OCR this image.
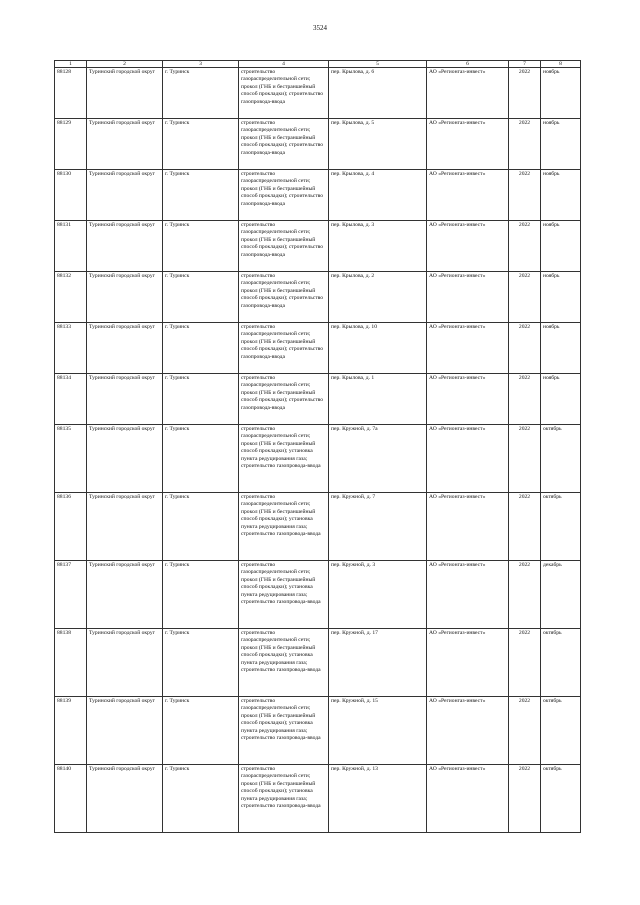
3524
1	2	3	4	5	6	7	8
88128	Туринский городской округ	г. Туринск	строительство газораспределительной сети; прокол (ГНБ и бестраншейный способ прокладки); строительство газопровода-ввода	пер. Крылова, д. 6	АО «Регионгаз-инвест»	2022	ноябрь
88129	Туринский городской округ	г. Туринск	строительство газораспределительной сети; прокол (ГНБ и бестраншейный способ прокладки); строительство газопровода-ввода	пер. Крылова, д. 5	АО «Регионгаз-инвест»	2022	ноябрь
88130	Туринский городской округ	г. Туринск	строительство газораспределительной сети; прокол (ГНБ и бестраншейный способ прокладки); строительство газопровода-ввода	пер. Крылова, д. 4	АО «Регионгаз-инвест»	2022	ноябрь
88131	Туринский городской округ	г. Туринск	строительство газораспределительной сети; прокол (ГНБ и бестраншейный способ прокладки); строительство газопровода-ввода	пер. Крылова, д. 3	АО «Регионгаз-инвест»	2022	ноябрь
88132	Туринский городской округ	г. Туринск	строительство газораспределительной сети; прокол (ГНБ и бестраншейный способ прокладки); строительство газопровода-ввода	пер. Крылова, д. 2	АО «Регионгаз-инвест»	2022	ноябрь
88133	Туринский городской округ	г. Туринск	строительство газораспределительной сети; прокол (ГНБ и бестраншейный способ прокладки); строительство газопровода-ввода	пер. Крылова, д. 10	АО «Регионгаз-инвест»	2022	ноябрь
88134	Туринский городской округ	г. Туринск	строительство газораспределительной сети; прокол (ГНБ и бестраншейный способ прокладки); строительство газопровода-ввода	пер. Крылова, д. 1	АО «Регионгаз-инвест»	2022	ноябрь
88135	Туринский городской округ	г. Туринск	строительство газораспределительной сети; прокол (ГНБ и бестраншейный способ прокладки); установка пункта редуцирования газа; строительство газопровода-ввода	пер. Кружной, д. 7а	АО «Регионгаз-инвест»	2022	октябрь
88136	Туринский городской округ	г. Туринск	строительство газораспределительной сети; прокол (ГНБ и бестраншейный способ прокладки); установка пункта редуцирования газа; строительство газопровода-ввода	пер. Кружной, д. 7	АО «Регионгаз-инвест»	2022	октябрь
88137	Туринский городской округ	г. Туринск	строительство газораспределительной сети; прокол (ГНБ и бестраншейный способ прокладки); установка пункта редуцирования газа; строительство газопровода-ввода	пер. Кружной, д. 3	АО «Регионгаз-инвест»	2022	декабрь
88138	Туринский городской округ	г. Туринск	строительство газораспределительной сети; прокол (ГНБ и бестраншейный способ прокладки); установка пункта редуцирования газа; строительство газопровода-ввода	пер. Кружной, д. 17	АО «Регионгаз-инвест»	2022	октябрь
88139	Туринский городской округ	г. Туринск	строительство газораспределительной сети; прокол (ГНБ и бестраншейный способ прокладки); установка пункта редуцирования газа; строительство газопровода-ввода	пер. Кружной, д. 15	АО «Регионгаз-инвест»	2022	октябрь
88140	Туринский городской округ	г. Туринск	строительство газораспределительной сети; прокол (ГНБ и бестраншейный способ прокладки); установка пункта редуцирования газа; строительство газопровода-ввода	пер. Кружной, д. 13	АО «Регионгаз-инвест»	2022	октябрь
